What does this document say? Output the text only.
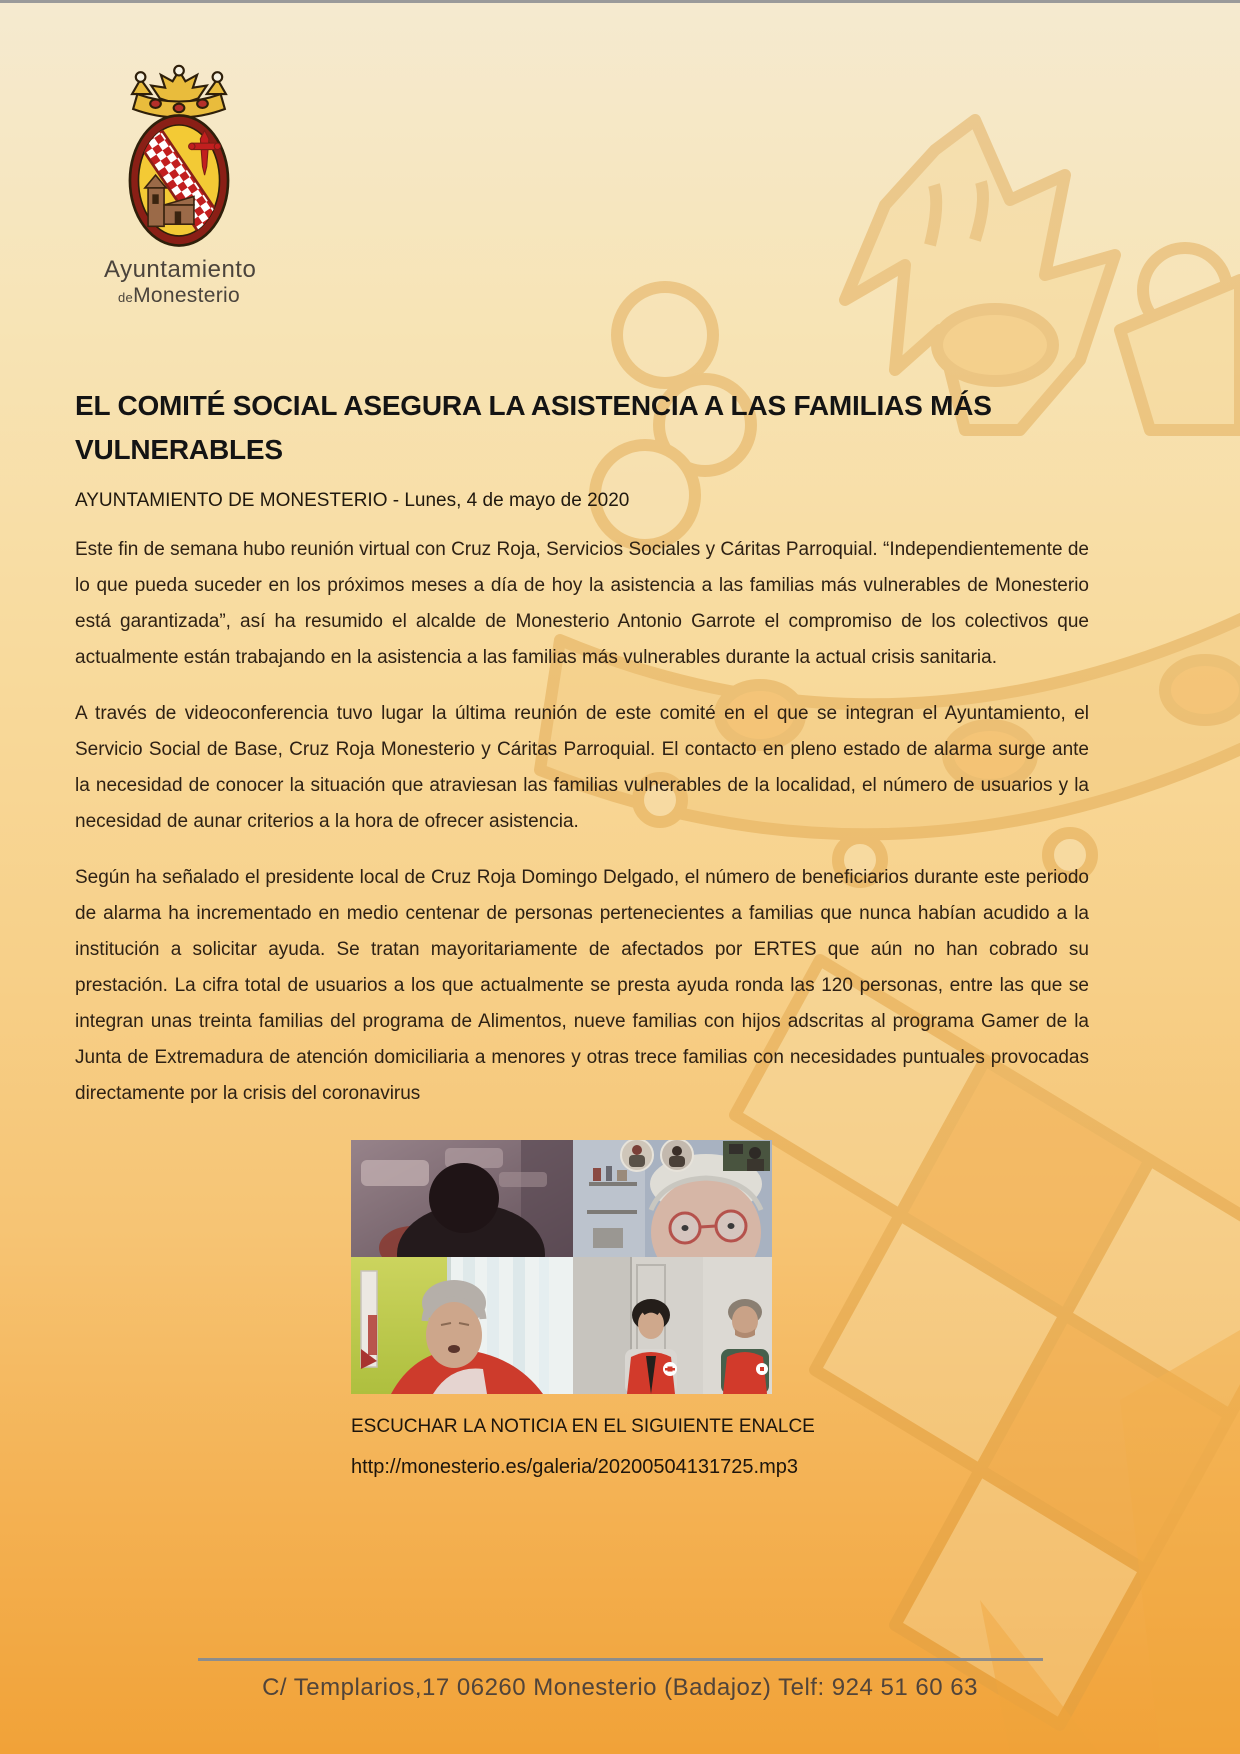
Ayuntamiento
deMonesterio
EL COMITÉ SOCIAL ASEGURA LA ASISTENCIA A LAS FAMILIAS MÁS VULNERABLES

AYUNTAMIENTO DE MONESTERIO - Lunes, 4 de mayo de 2020

Este fin de semana hubo reunión virtual con Cruz Roja, Servicios Sociales y Cáritas Parroquial. “Independientemente de lo que pueda suceder en los próximos meses a día de hoy la asistencia a las familias más vulnerables de Monesterio está garantizada”, así ha resumido el alcalde de Monesterio Antonio Garrote el compromiso de los colectivos que actualmente están trabajando en la asistencia a las familias más vulnerables durante la actual crisis sanitaria.

A través de videoconferencia tuvo lugar la última reunión de este comité en el que se integran el Ayuntamiento, el Servicio Social de Base, Cruz Roja Monesterio y Cáritas Parroquial. El contacto en pleno estado de alarma surge ante la necesidad de conocer la situación que atraviesan las familias vulnerables de la localidad, el número de usuarios y la necesidad de aunar criterios a la hora de ofrecer asistencia.

Según ha señalado el presidente local de Cruz Roja Domingo Delgado, el número de beneficiarios durante este periodo de alarma ha incrementado en medio centenar de personas pertenecientes a familias que nunca habían acudido a la institución a solicitar ayuda. Se tratan mayoritariamente de afectados por ERTES que aún no han cobrado su prestación. La cifra total de usuarios a los que actualmente se presta ayuda ronda las 120 personas, entre las que se integran unas treinta familias del programa de Alimentos, nueve familias con hijos adscritas al programa Gamer de la Junta de Extremadura de atención domiciliaria a menores y otras trece familias con necesidades puntuales provocadas directamente por la crisis del coronavirus

ESCUCHAR LA NOTICIA EN EL SIGUIENTE ENALCE
http://monesterio.es/galeria/20200504131725.mp3
C/ Templarios,17 06260 Monesterio (Badajoz) Telf: 924 51 60 63
